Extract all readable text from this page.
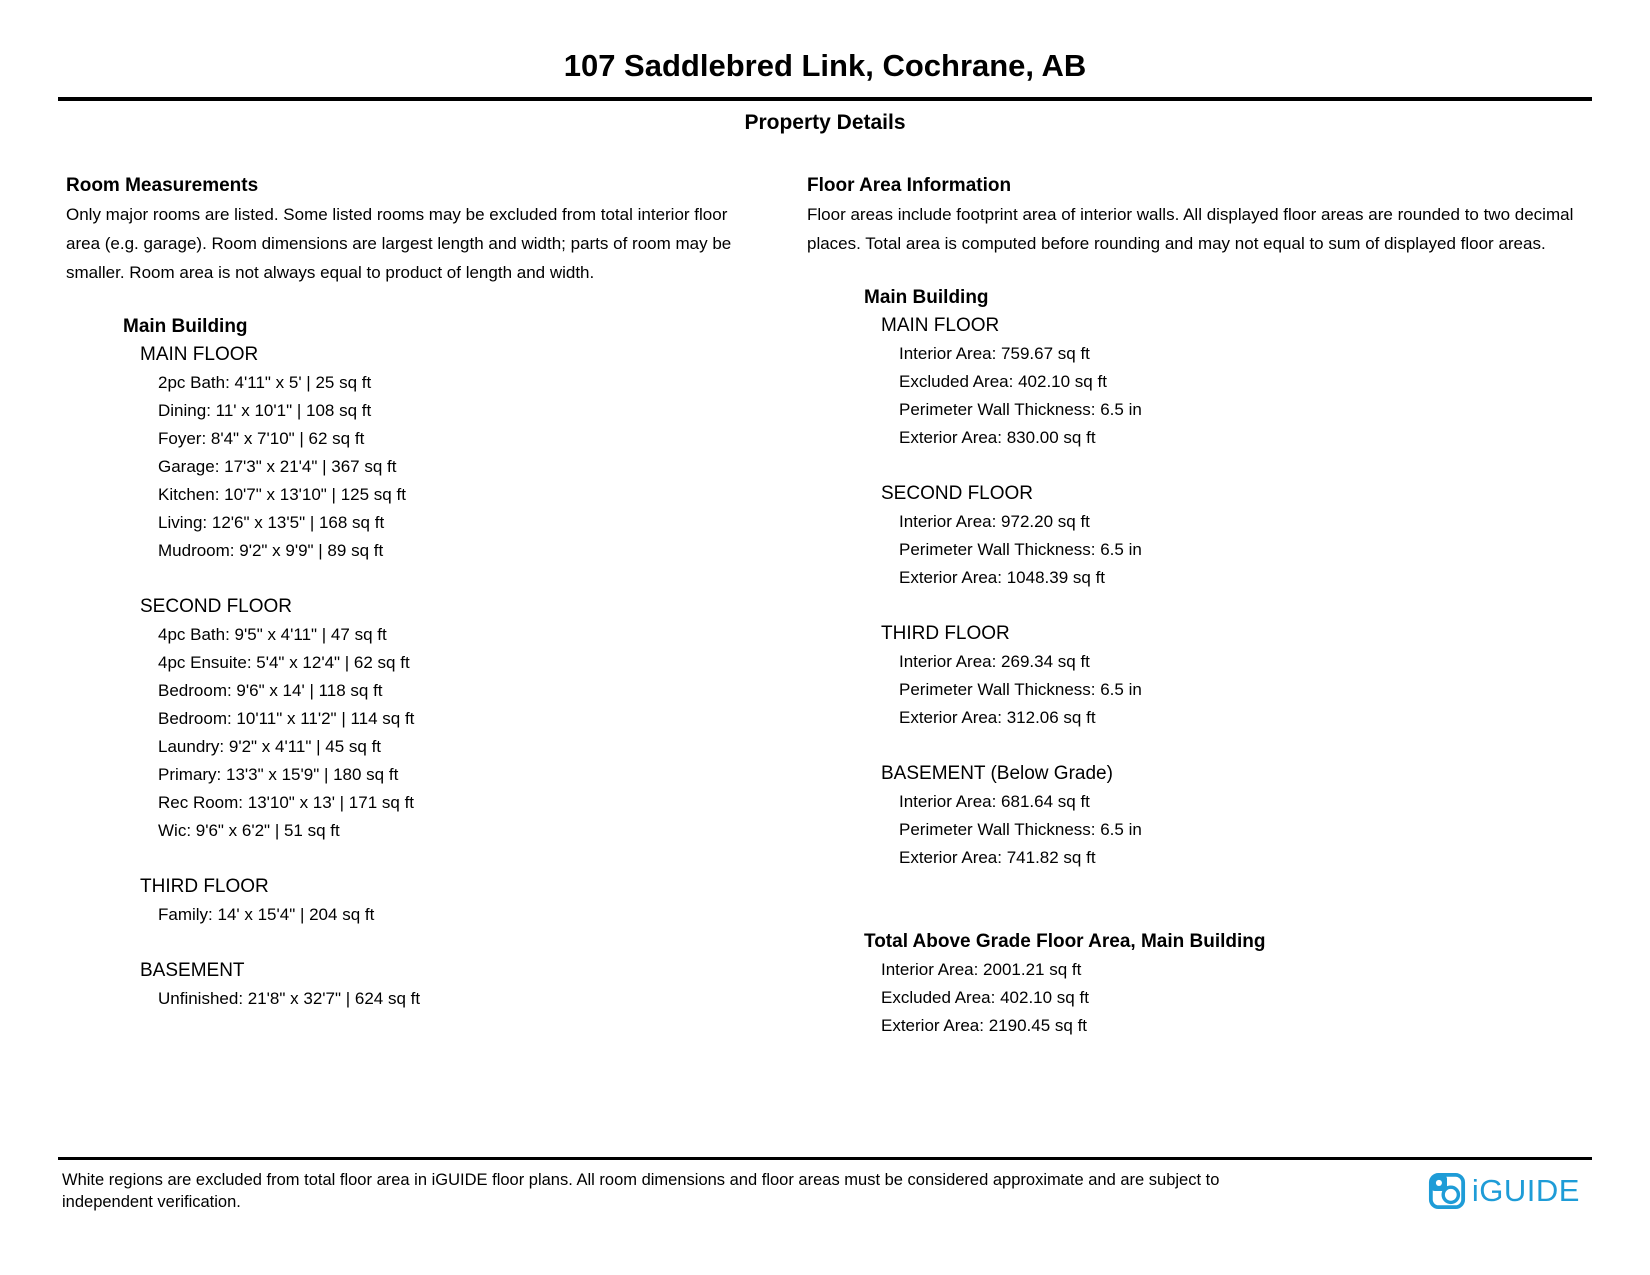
107 Saddlebred Link, Cochrane, AB
Property Details
Room Measurements

Only major rooms are listed. Some listed rooms may be excluded from total interior floor area (e.g. garage). Room dimensions are largest length and width; parts of room may be smaller. Room area is not always equal to product of length and width.

Main Building
MAIN FLOOR
2pc Bath: 4'11" x 5' | 25 sq ft
Dining: 11' x 10'1" | 108 sq ft
Foyer: 8'4" x 7'10" | 62 sq ft
Garage: 17'3" x 21'4" | 367 sq ft
Kitchen: 10'7" x 13'10" | 125 sq ft
Living: 12'6" x 13'5" | 168 sq ft
Mudroom: 9'2" x 9'9" | 89 sq ft
SECOND FLOOR
4pc Bath: 9'5" x 4'11" | 47 sq ft
4pc Ensuite: 5'4" x 12'4" | 62 sq ft
Bedroom: 9'6" x 14' | 118 sq ft
Bedroom: 10'11" x 11'2" | 114 sq ft
Laundry: 9'2" x 4'11" | 45 sq ft
Primary: 13'3" x 15'9" | 180 sq ft
Rec Room: 13'10" x 13' | 171 sq ft
Wic: 9'6" x 6'2" | 51 sq ft
THIRD FLOOR
Family: 14' x 15'4" | 204 sq ft
BASEMENT
Unfinished: 21'8" x 32'7" | 624 sq ft
Floor Area Information

Floor areas include footprint area of interior walls. All displayed floor areas are rounded to two decimal places. Total area is computed before rounding and may not equal to sum of displayed floor areas.

Main Building
MAIN FLOOR
Interior Area: 759.67 sq ft
Excluded Area: 402.10 sq ft
Perimeter Wall Thickness: 6.5 in
Exterior Area: 830.00 sq ft
SECOND FLOOR
Interior Area: 972.20 sq ft
Perimeter Wall Thickness: 6.5 in
Exterior Area: 1048.39 sq ft
THIRD FLOOR
Interior Area: 269.34 sq ft
Perimeter Wall Thickness: 6.5 in
Exterior Area: 312.06 sq ft
BASEMENT (Below Grade)
Interior Area: 681.64 sq ft
Perimeter Wall Thickness: 6.5 in
Exterior Area: 741.82 sq ft
Total Above Grade Floor Area, Main Building
Interior Area: 2001.21 sq ft
Excluded Area: 402.10 sq ft
Exterior Area: 2190.45 sq ft

White regions are excluded from total floor area in iGUIDE floor plans. All room dimensions and floor areas must be considered approximate and are subject to independent verification.	iGUIDE
